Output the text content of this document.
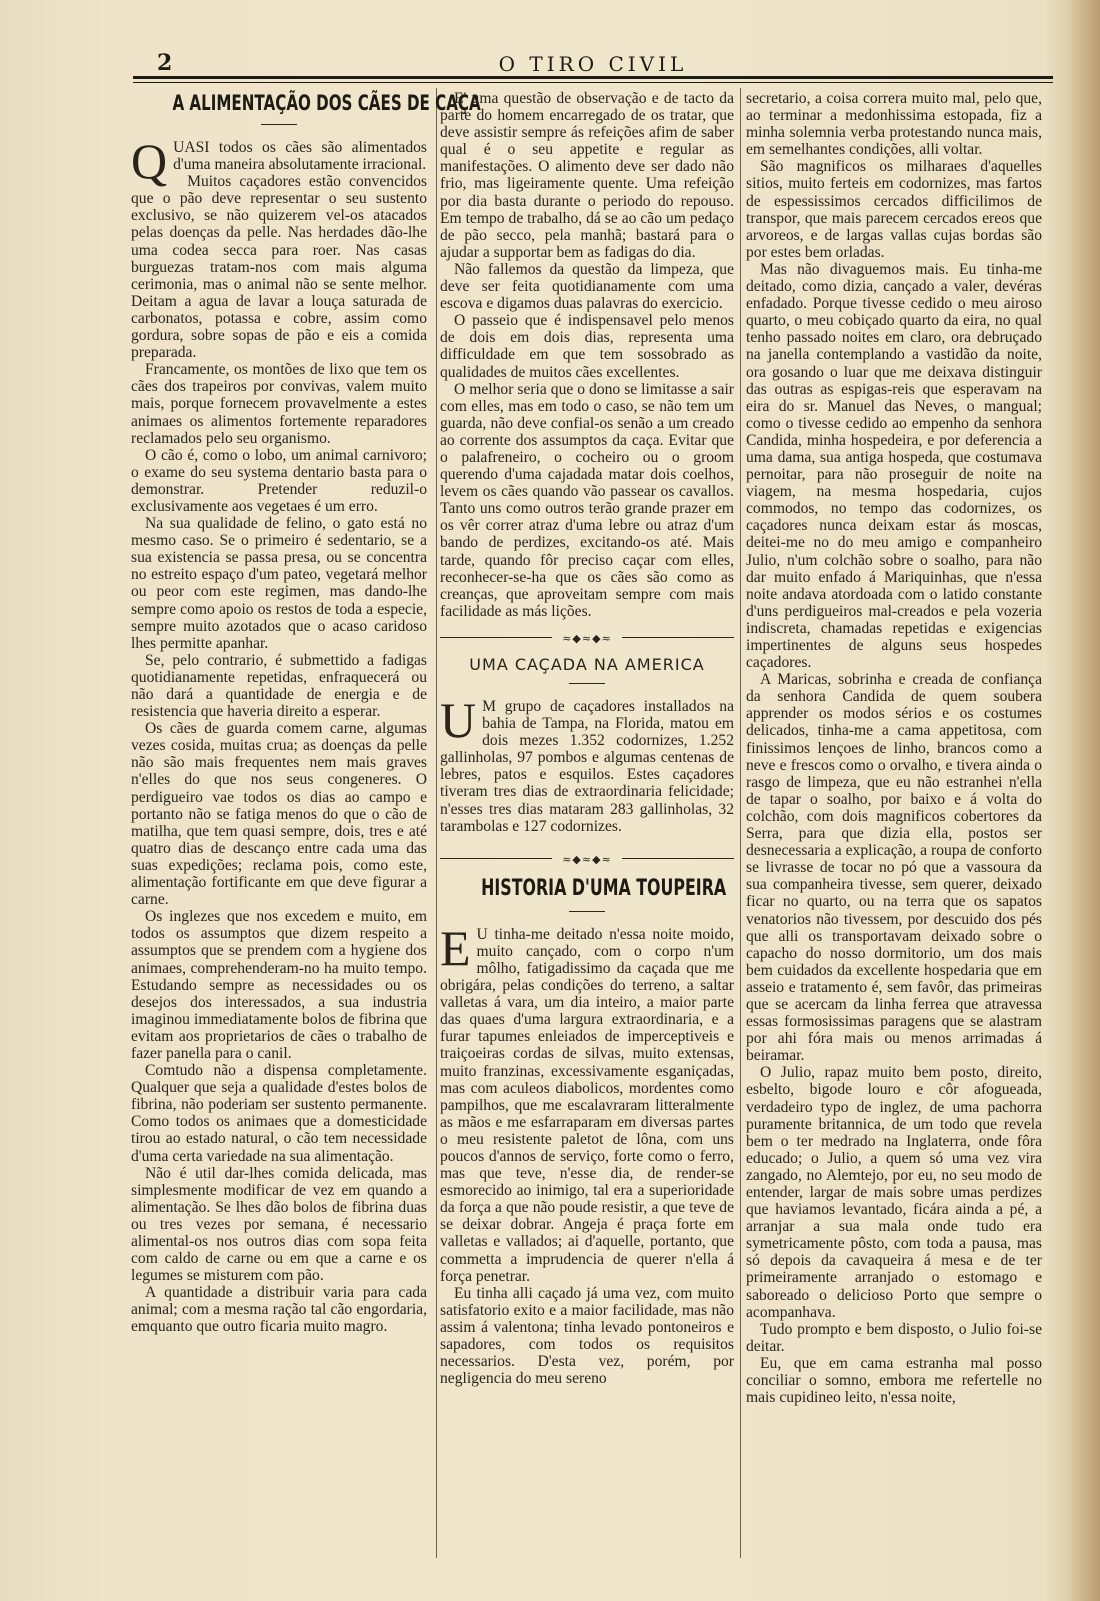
2	O TIRO CIVIL
A ALIMENTAÇÃO DOS CÃES DE CAÇA

QUASI todos os cães são alimentados d'uma maneira absolutamente irracional.

Muitos caçadores estão convencidos que o pão deve representar o seu sustento exclusivo, se não quizerem vel-os atacados pelas doenças da pelle. Nas herdades dão-lhe uma codea secca para roer. Nas casas burguezas tratam-nos com mais alguma cerimonia, mas o animal não se sente melhor. Deitam a agua de lavar a louça saturada de carbonatos, potassa e cobre, assim como gordura, sobre sopas de pão e eis a comida preparada.

Francamente, os montões de lixo que tem os cães dos trapeiros por convivas, valem muito mais, porque fornecem provavelmente a estes animaes os alimentos fortemente reparadores reclamados pelo seu organismo.

O cão é, como o lobo, um animal carnivoro; o exame do seu systema dentario basta para o demonstrar. Pretender reduzil-o exclusivamente aos vegetaes é um erro.

Na sua qualidade de felino, o gato está no mesmo caso. Se o primeiro é sedentario, se a sua existencia se passa presa, ou se concentra no estreito espaço d'um pateo, vegetará melhor ou peor com este regimen, mas dando-lhe sempre como apoio os restos de toda a especie, sempre muito azotados que o acaso caridoso lhes permitte apanhar.

Se, pelo contrario, é submettido a fadigas quotidianamente repetidas, enfraquecerá ou não dará a quantidade de energia e de resistencia que haveria direito a esperar.

Os cães de guarda comem carne, algumas vezes cosida, muitas crua; as doenças da pelle não são mais frequentes nem mais graves n'elles do que nos seus congeneres. O perdigueiro vae todos os dias ao campo e portanto não se fatiga menos do que o cão de matilha, que tem quasi sempre, dois, tres e até quatro dias de descanço entre cada uma das suas expedições; reclama pois, como este, alimentação fortificante em que deve figurar a carne.

Os inglezes que nos excedem e muito, em todos os assumptos que dizem respeito a assumptos que se prendem com a hygiene dos animaes, comprehenderam-no ha muito tempo. Estudando sempre as necessidades ou os desejos dos interessados, a sua industria imaginou immediatamente bolos de fibrina que evitam aos proprietarios de cães o trabalho de fazer panella para o canil.

Comtudo não a dispensa completamente. Qualquer que seja a qualidade d'estes bolos de fibrina, não poderiam ser sustento permanente. Como todos os animaes que a domesticidade tirou ao estado natural, o cão tem necessidade d'uma certa variedade na sua alimentação.

Não é util dar-lhes comida delicada, mas simplesmente modificar de vez em quando a alimentação. Se lhes dão bolos de fibrina duas ou tres vezes por semana, é necessario alimental-os nos outros dias com sopa feita com caldo de carne ou em que a carne e os legumes se misturem com pão.

A quantidade a distribuir varia para cada animal; com a mesma ração tal cão engordaria, emquanto que outro ficaria muito magro.

E' uma questão de observação e de tacto da parte do homem encarregado de os tratar, que deve assistir sempre ás refeições afim de saber qual é o seu appetite e regular as manifestações. O alimento deve ser dado não frio, mas ligeiramente quente. Uma refeição por dia basta durante o periodo do repouso. Em tempo de trabalho, dá se ao cão um pedaço de pão secco, pela manhã; bastará para o ajudar a supportar bem as fadigas do dia.

Não fallemos da questão da limpeza, que deve ser feita quotidianamente com uma escova e digamos duas palavras do exercicio.

O passeio que é indispensavel pelo menos de dois em dois dias, representa uma difficuldade em que tem sossobrado as qualidades de muitos cães excellentes.

O melhor seria que o dono se limitasse a sair com elles, mas em todo o caso, se não tem um guarda, não deve confial-os senão a um creado ao corrente dos assumptos da caça. Evitar que o palafreneiro, o cocheiro ou o groom querendo d'uma cajadada matar dois coelhos, levem os cães quando vão passear os cavallos. Tanto uns como outros terão grande prazer em os vêr correr atraz d'uma lebre ou atraz d'um bando de perdizes, excitando-os até. Mais tarde, quando fôr preciso caçar com elles, reconhecer-se-ha que os cães são como as creanças, que aproveitam sempre com mais facilidade as más lições.

≈◆≈◆≈
UMA CAÇADA NA AMERICA

U M grupo de caçadores installados na bahia de Tampa, na Florida, matou em dois mezes 1.352 codornizes, 1.252 gallinholas, 97 pombos e algumas centenas de lebres, patos e esquilos. Estes caçadores tiveram tres dias de extraordinaria felicidade; n'esses tres dias mataram 283 gallinholas, 32 tarambolas e 127 codornizes.

≈◆≈◆≈
HISTORIA D'UMA TOUPEIRA

E U tinha-me deitado n'essa noite moido, muito cançado, com o corpo n'um môlho, fatigadissimo da caçada que me obrigára, pelas condições do terreno, a saltar valletas á vara, um dia inteiro, a maior parte das quaes d'uma largura extraordinaria, e a furar tapumes enleiados de imperceptiveis e traiçoeiras cordas de silvas, muito extensas, muito franzinas, excessivamente esganiçadas, mas com aculeos diabolicos, mordentes como pampilhos, que me escalavraram litteralmente as mãos e me esfarraparam em diversas partes o meu resistente paletot de lôna, com uns poucos d'annos de serviço, forte como o ferro, mas que teve, n'esse dia, de render-se esmorecido ao inimigo, tal era a superioridade da força a que não poude resistir, a que teve de se deixar dobrar. Angeja é praça forte em valletas e vallados; ai d'aquelle, portanto, que commetta a imprudencia de querer n'ella á força penetrar.

Eu tinha alli caçado já uma vez, com muito satisfatorio exito e a maior facilidade, mas não assim á valentona; tinha levado pontoneiros e sapadores, com todos os requisitos necessarios. D'esta vez, porém, por negligencia do meu sereno

secretario, a coisa correra muito mal, pelo que, ao terminar a medonhissima estopada, fiz a minha solemnia verba protestando nunca mais, em semelhantes condições, alli voltar.

São magnificos os milharaes d'aquelles sitios, muito ferteis em codornizes, mas fartos de espessissimos cercados difficilimos de transpor, que mais parecem cercados ereos que arvoreos, e de largas vallas cujas bordas são por estes bem orladas.

Mas não divaguemos mais. Eu tinha-me deitado, como dizia, cançado a valer, devéras enfadado. Porque tivesse cedido o meu airoso quarto, o meu cobiçado quarto da eira, no qual tenho passado noites em claro, ora debruçado na janella contemplando a vastidão da noite, ora gosando o luar que me deixava distinguir das outras as espigas-reis que esperavam na eira do sr. Manuel das Neves, o mangual; como o tivesse cedido ao empenho da senhora Candida, minha hospedeira, e por deferencia a uma dama, sua antiga hospeda, que costumava pernoitar, para não proseguir de noite na viagem, na mesma hospedaria, cujos commodos, no tempo das codornizes, os caçadores nunca deixam estar ás moscas, deitei-me no do meu amigo e companheiro Julio, n'um colchão sobre o soalho, para não dar muito enfado á Mariquinhas, que n'essa noite andava atordoada com o latido constante d'uns perdigueiros mal-creados e pela vozeria indiscreta, chamadas repetidas e exigencias impertinentes de alguns seus hospedes caçadores.

A Maricas, sobrinha e creada de confiança da senhora Candida de quem soubera apprender os modos sérios e os costumes delicados, tinha-me a cama appetitosa, com finissimos lençoes de linho, brancos como a neve e frescos como o orvalho, e tivera ainda o rasgo de limpeza, que eu não estranhei n'ella de tapar o soalho, por baixo e á volta do colchão, com dois magnificos cobertores da Serra, para que dizia ella, postos ser desnecessaria a explicação, a roupa de conforto se livrasse de tocar no pó que a vassoura da sua companheira tivesse, sem querer, deixado ficar no quarto, ou na terra que os sapatos venatorios não tivessem, por descuido dos pés que alli os transportavam deixado sobre o capacho do nosso dormitorio, um dos mais bem cuidados da excellente hospedaria que em asseio e tratamento é, sem favôr, das primeiras que se acercam da linha ferrea que atravessa essas formosissimas paragens que se alastram por ahi fóra mais ou menos arrimadas á beiramar.

O Julio, rapaz muito bem posto, direito, esbelto, bigode louro e côr afogueada, verdadeiro typo de inglez, de uma pachorra puramente britannica, de um todo que revela bem o ter medrado na Inglaterra, onde fôra educado; o Julio, a quem só uma vez vira zangado, no Alemtejo, por eu, no seu modo de entender, largar de mais sobre umas perdizes que haviamos levantado, ficára ainda a pé, a arranjar a sua mala onde tudo era symetricamente pôsto, com toda a pausa, mas só depois da cavaqueira á mesa e de ter primeiramente arranjado o estomago e saboreado o delicioso Porto que sempre o acompanhava.

Tudo prompto e bem disposto, o Julio foi-se deitar.

Eu, que em cama estranha mal posso conciliar o somno, embora me refertelle no mais cupidineo leito, n'essa noite,
